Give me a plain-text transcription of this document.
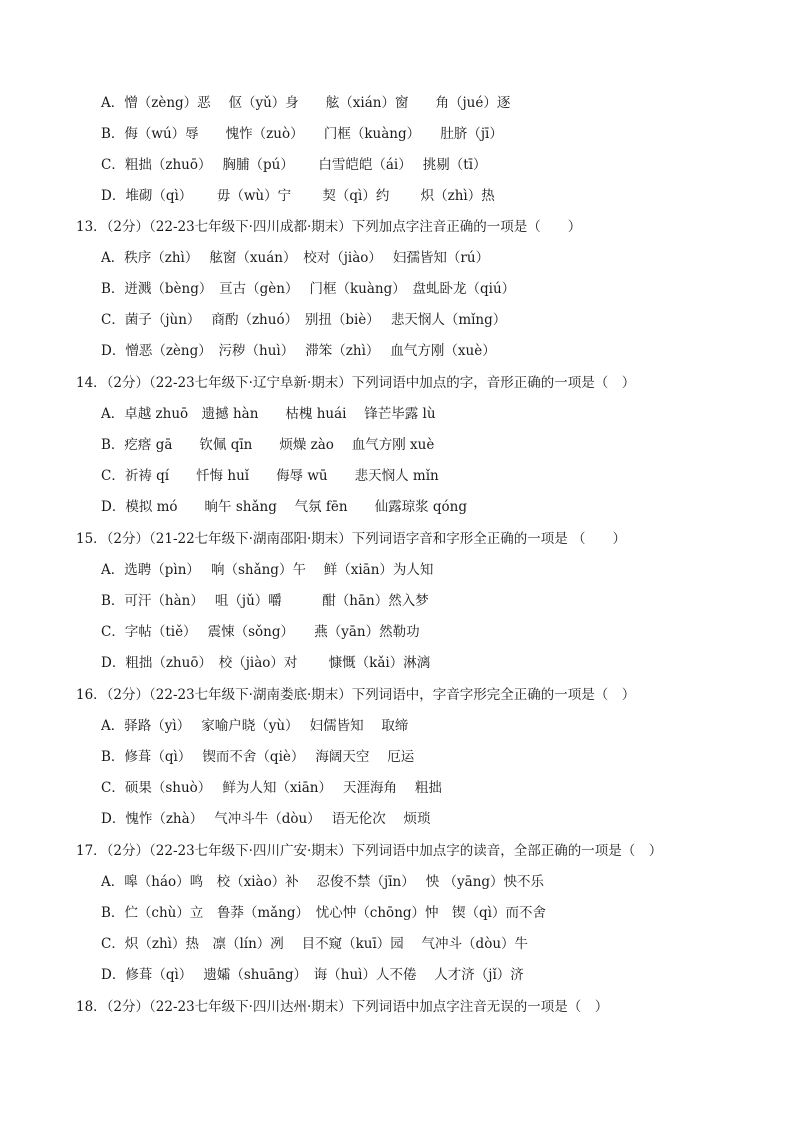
A．憎（zèng）恶　 伛（yǔ）身　　舷（xián）窗　　角（jué）逐
B．侮（wú）辱　　愧怍（zuò）　　门框（kuàng）　　肚脐（jī）
C．粗拙（zhuō）　 胸脯（pú）　　 白雪皑皑（ái）　 挑剔（tī）
D．堆砌（qì）　　 毋（wù）宁　　 契（qì）约　　 炽（zhì）热
13．（2分）（22-23七年级下·四川成都·期末）下列加点字注音正确的一项是（　　）
A．秩序（zhì）　 舷窗（xuán）　校对（jiào）　 妇孺皆知（rú）
B．迸溅（bèng）　亘古（gèn）　 门框（kuàng）　盘虬卧龙（qiú）
C．菌子（jùn）　 商酌（zhuó）　别扭（biè）　 悲天悯人（mǐng）
D．憎恶（zèng）　污秽（huì）　 滞笨（zhì）　 血气方刚（xuè）
14．（2分）（22-23七年级下·辽宁阜新·期末）下列词语中加点的字，音形正确的一项是（　）
A．卓越 zhuō　遗撼 hàn　　枯槐 huái　 锋芒毕露 lù
B．疙瘩 gā　　钦佩 qīn　　烦燥 zào　 血气方刚 xuè
C．祈祷 qí　　忏悔 huǐ　　侮辱 wū　　悲天悯人 mǐn
D．模拟 mó　　晌午 shǎng　 气氛 fēn　　仙露琼浆 qóng
15．（2分）（21-22七年级下·湖南邵阳·期末）下列词语字音和字形全正确的一项是 （　　）
A．选聘（pìn）　 响（shǎng）午　 鲜（xiān）为人知
B．可汗（hàn）　 咀（jǔ）嚼　　　酣（hān）然入梦
C．字帖（tiě）　 震悚（sǒng）　　燕（yān）然勒功
D．粗拙（zhuō）　校（jiào）对　　 慷慨（kǎi）淋漓
16．（2分）（22-23七年级下·湖南娄底·期末）下列词语中，字音字形完全正确的一项是（　）
A．驿路（yì）　 家喻户晓（yù）　 妇儒皆知　 取缔
B．修葺（qì）　 锲而不舍（qiè）　 海阔天空　 厄运
C．硕果（shuò）　 鲜为人知（xiān）　 天涯海角　 粗拙
D．愧怍（zhà）　 气冲斗牛（dòu）　 语无伦次　 烦琐
17．（2分）（22-23七年级下·四川广安·期末）下列词语中加点字的读音，全部正确的一项是（　）
A．嗥（háo）鸣　校（xiào）补　 忍俊不禁（jīn）　 怏 （yāng）怏不乐
B．伫（chù）立　鲁莽（mǎng）　忧心忡（chōng）忡　锲（qì）而不舍
C．炽（zhì）热　凛（lín）冽　 目不窥（kuī）园　 气冲斗（dòu）牛
D．修葺（qì）　 遗孀（shuāng）　诲（huì）人不倦　 人才济（jǐ）济
18．（2分）（22-23七年级下·四川达州·期末）下列词语中加点字注音无误的一项是（　）
